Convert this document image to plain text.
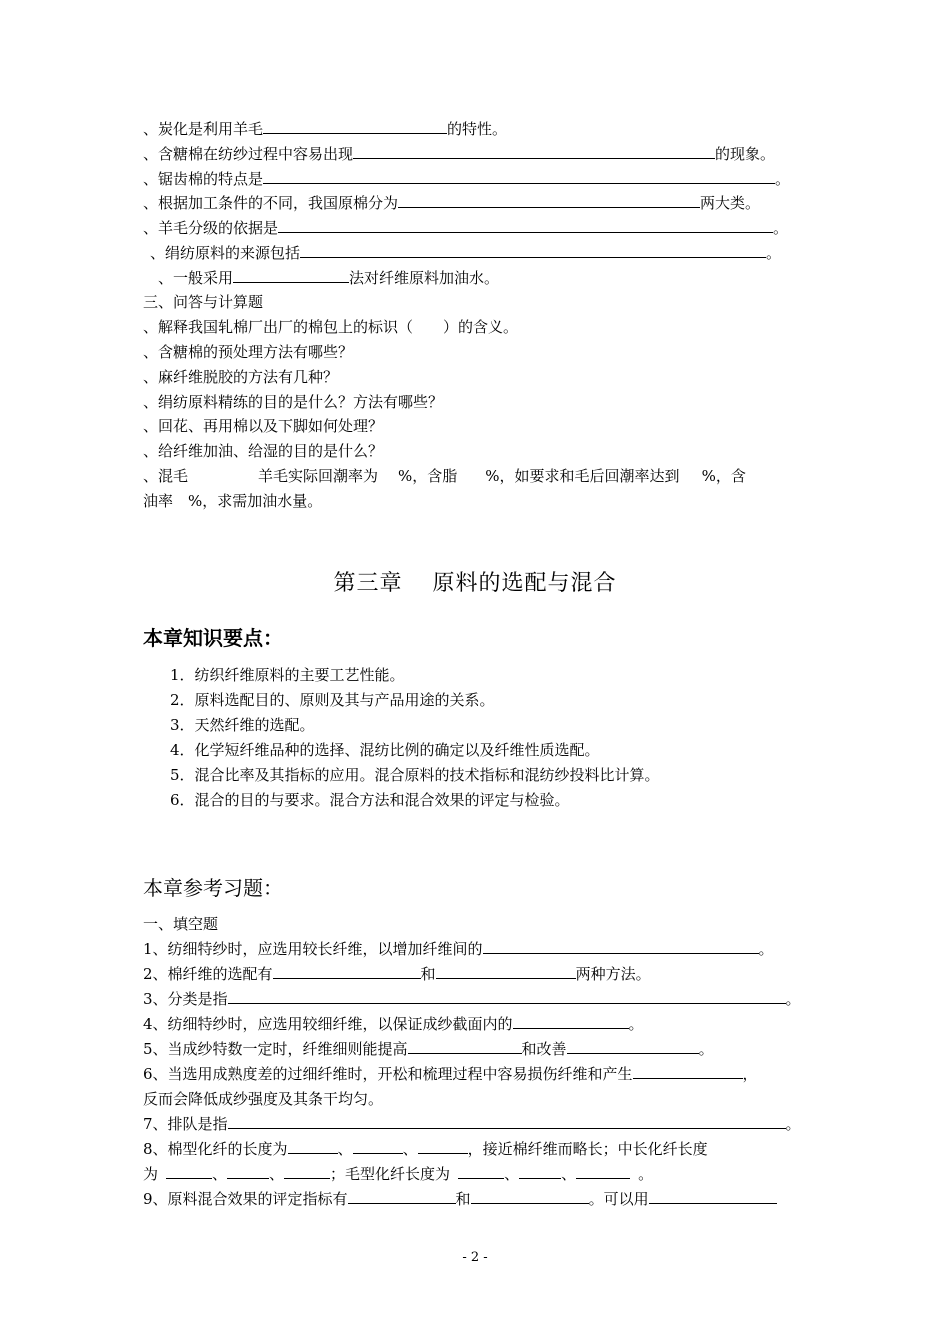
、炭化是利用羊毛	的特性。
、含糖棉在纺纱过程中容易出现	的现象。
、锯齿棉的特点是	。
、根据加工条件的不同，我国原棉分为	两大类。
、羊毛分级的依据是	。
、绢纺原料的来源包括	。
、一般采用	法对纤维原料加油水。
三、问答与计算题
、解释我国轧棉厂出厂的棉包上的标识（ ）的含义。
、含糖棉的预处理方法有哪些？
、麻纤维脱胶的方法有几种？
、绢纺原料精练的目的是什么？方法有哪些？
、回花、再用棉以及下脚如何处理？
、给纤维加油、给湿的目的是什么？
、混毛	羊毛实际回潮率为 %，含脂 %，如要求和毛后回潮率达到 %，含
油率　%，求需加油水量。
第三章 原料的选配与混合
本章知识要点：
1．纺织纤维原料的主要工艺性能。
2．原料选配目的、原则及其与产品用途的关系。
3．天然纤维的选配。
4．化学短纤维品种的选择、混纺比例的确定以及纤维性质选配。
5．混合比率及其指标的应用。混合原料的技术指标和混纺纱投料比计算。
6．混合的目的与要求。混合方法和混合效果的评定与检验。
本章参考习题：
一、填空题
1、纺细特纱时，应选用较长纤维，以增加纤维间的	。
2、棉纤维的选配有	和	两种方法。
3、分类是指	。
4、纺细特纱时，应选用较细纤维，以保证成纱截面内的	。
5、当成纱特数一定时，纤维细则能提高	和改善	。
6、当选用成熟度差的过细纤维时，开松和梳理过程中容易损伤纤维和产生	，
反而会降低成纱强度及其条干均匀。
7、排队是指	。
8、棉型化纤的长度为	、	、	，接近棉纤维而略长；中长化纤长度
为	、	、	；毛型化纤长度为	、	、	。
9、原料混合效果的评定指标有	和	。可以用
- 2 -
